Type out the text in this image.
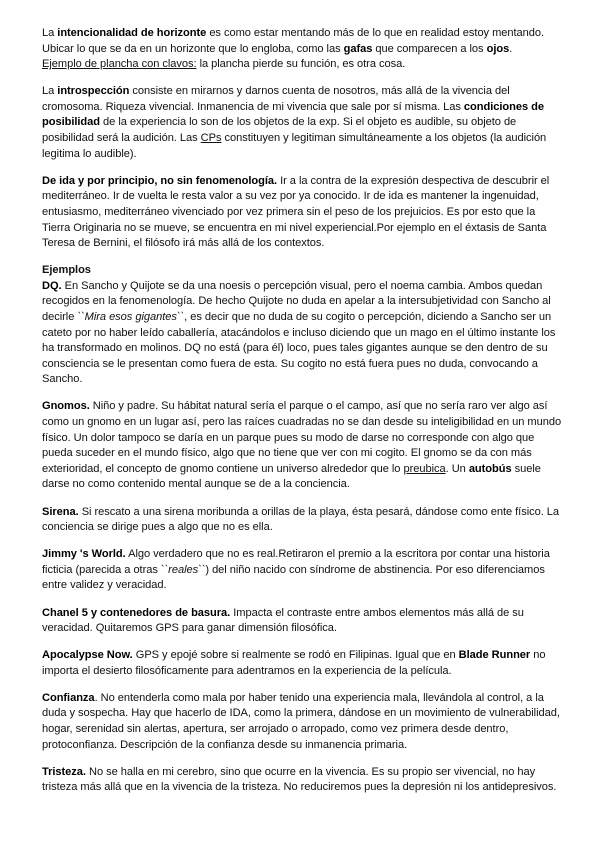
La intencionalidad de horizonte es como estar mentando más de lo que en realidad estoy mentando. Ubicar lo que se da en un horizonte que lo engloba, como las gafas que comparecen a los ojos.
Ejemplo de plancha con clavos: la plancha pierde su función, es otra cosa.

La introspección consiste en mirarnos y darnos cuenta de nosotros, más allá de la vivencia del cromosoma. Riqueza vivencial. Inmanencia de mi vivencia que sale por sí misma. Las condiciones de posibilidad de la experiencia lo son de los objetos de la exp. Si el objeto es audible, su objeto de posibilidad será la audición. Las CPs constituyen y legitiman simultáneamente a los objetos (la audición legitima lo audible).

De ida y por principio, no sin fenomenología. Ir a la contra de la expresión despectiva de descubrir el mediterráneo. Ir de vuelta le resta valor a su vez por ya conocido. Ir de ida es mantener la ingenuidad, entusiasmo, mediterráneo vivenciado por vez primera sin el peso de los prejuicios. Es por esto que la Tierra Originaria no se mueve, se encuentra en mi nivel experiencial.Por ejemplo en el éxtasis de Santa Teresa de Bernini, el filósofo irá más allá de los contextos.

Ejemplos

DQ. En Sancho y Quijote se da una noesis o percepción visual, pero el noema cambia. Ambos quedan recogidos en la fenomenología. De hecho Quijote no duda en apelar a la intersubjetividad con Sancho al decirle ``Mira esos gigantes``, es decir que no duda de su cogito o percepción, diciendo a Sancho ser un cateto por no haber leído caballería, atacándolos e incluso diciendo que un mago en el último instante los ha transformado en molinos. DQ no está (para él) loco, pues tales gigantes aunque se den dentro de su consciencia se le presentan como fuera de esta. Su cogito no está fuera pues no duda, convocando a Sancho.

Gnomos. Niño y padre. Su hábitat natural sería el parque o el campo, así que no sería raro ver algo así como un gnomo en un lugar así, pero las raíces cuadradas no se dan desde su inteligibilidad en un mundo físico. Un dolor tampoco se daría en un parque pues su modo de darse no corresponde con algo que pueda suceder en el mundo físico, algo que no tiene que ver con mi cogito. El gnomo se da con más exterioridad, el concepto de gnomo contiene un universo alrededor que lo preubica. Un autobús suele darse no como contenido mental aunque se de a la conciencia.

Sirena. Si rescato a una sirena moribunda a orillas de la playa, ésta pesará, dándose como ente físico. La conciencia se dirige pues a algo que no es ella.

Jimmy 's World. Algo verdadero que no es real.Retiraron el premio a la escritora por contar una historia ficticia (parecida a otras ``reales``) del niño nacido con síndrome de abstinencia. Por eso diferenciamos entre validez y veracidad.

Chanel 5 y contenedores de basura. Impacta el contraste entre ambos elementos más allá de su veracidad. Quitaremos GPS para ganar dimensión filosófica.

Apocalypse Now. GPS y epojé sobre si realmente se rodó en Filipinas. Igual que en Blade Runner no importa el desierto filosóficamente para adentramos en la experiencia de la película.

Confianza. No entenderla como mala por haber tenido una experiencia mala, llevándola al control, a la duda y sospecha. Hay que hacerlo de IDA, como la primera, dándose en un movimiento de vulnerabilidad, hogar, serenidad sin alertas, apertura, ser arrojado o arropado, como vez primera desde dentro, protoconfianza. Descripción de la confianza desde su inmanencia primaria.

Tristeza. No se halla en mi cerebro, sino que ocurre en la vivencia. Es su propio ser vivencial, no hay tristeza más allá que en la vivencia de la tristeza. No reduciremos pues la depresión ni los antidepresivos.
